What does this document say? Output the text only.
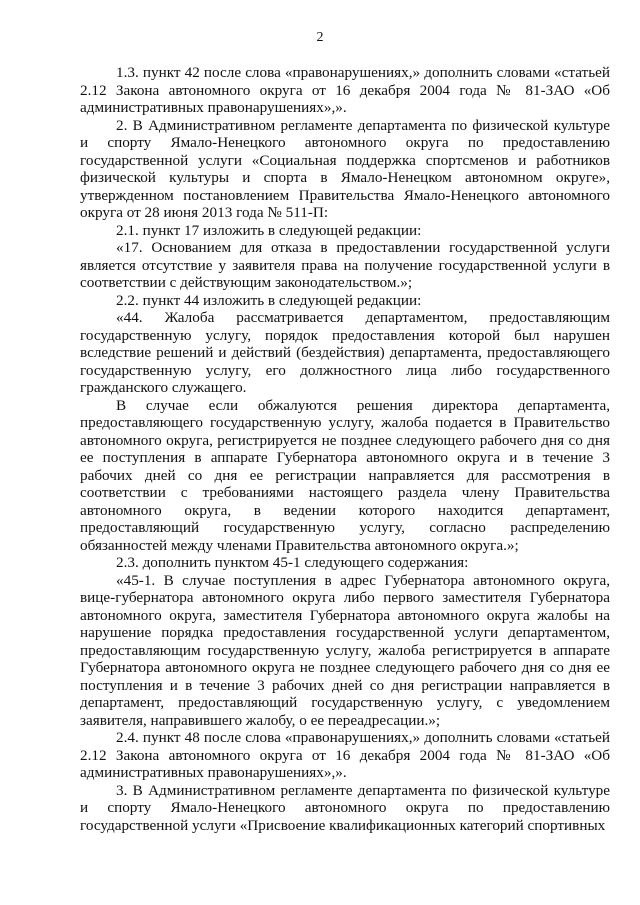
2

1.3. пункт 42 после слова «правонарушениях,» дополнить словами «статьей 2.12 Закона автономного округа от 16 декабря 2004 года № 81-ЗАО «Об административных правонарушениях»,».

2. В Административном регламенте департамента по физической культуре и спорту Ямало-Ненецкого автономного округа по предоставлению государственной услуги «Социальная поддержка спортсменов и работников физической культуры и спорта в Ямало-Ненецком автономном округе», утвержденном постановлением Правительства Ямало-Ненецкого автономного округа от 28 июня 2013 года № 511-П:

2.1. пункт 17 изложить в следующей редакции:

«17. Основанием для отказа в предоставлении государственной услуги является отсутствие у заявителя права на получение государственной услуги в соответствии с действующим законодательством.»;

2.2. пункт 44 изложить в следующей редакции:

«44. Жалоба рассматривается департаментом, предоставляющим государственную услугу, порядок предоставления которой был нарушен вследствие решений и действий (бездействия) департамента, предоставляющего государственную услугу, его должностного лица либо государственного гражданского служащего.

В случае если обжалуются решения директора департамента, предоставляющего государственную услугу, жалоба подается в Правительство автономного округа, регистрируется не позднее следующего рабочего дня со дня ее поступления в аппарате Губернатора автономного округа и в течение 3 рабочих дней со дня ее регистрации направляется для рассмотрения в соответствии с требованиями настоящего раздела члену Правительства автономного округа, в ведении которого находится департамент, предоставляющий государственную услугу, согласно распределению обязанностей между членами Правительства автономного округа.»;

2.3. дополнить пунктом 45-1 следующего содержания:

«45-1. В случае поступления в адрес Губернатора автономного округа, вице-губернатора автономного округа либо первого заместителя Губернатора автономного округа, заместителя Губернатора автономного округа жалобы на нарушение порядка предоставления государственной услуги департаментом, предоставляющим государственную услугу, жалоба регистрируется в аппарате Губернатора автономного округа не позднее следующего рабочего дня со дня ее поступления и в течение 3 рабочих дней со дня регистрации направляется в департамент, предоставляющий государственную услугу, с уведомлением заявителя, направившего жалобу, о ее переадресации.»;

2.4. пункт 48 после слова «правонарушениях,» дополнить словами «статьей 2.12 Закона автономного округа от 16 декабря 2004 года № 81-ЗАО «Об административных правонарушениях»,».

3. В Административном регламенте департамента по физической культуре и спорту Ямало-Ненецкого автономного округа по предоставлению государственной услуги «Присвоение квалификационных категорий спортивных
